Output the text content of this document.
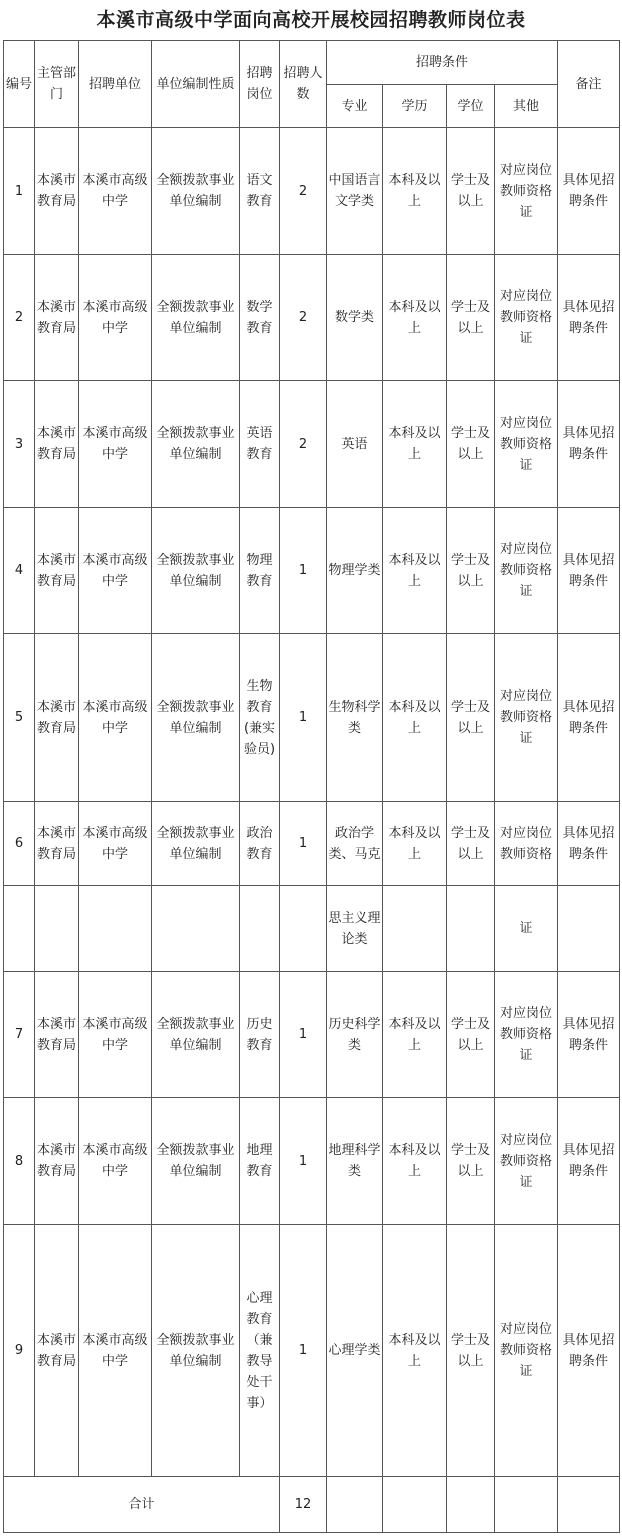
本溪市高级中学面向高校开展校园招聘教师岗位表
编号	主管部门	招聘单位	单位编制性质	招聘岗位	招聘人数	招聘条件				备注
						专业	学历	学位	其他	
1	本溪市教育局	本溪市高级中学	全额拨款事业单位编制	语文教育	2	中国语言文学类	本科及以上	学士及以上	对应岗位教师资格证	具体见招聘条件
2	本溪市教育局	本溪市高级中学	全额拨款事业单位编制	数学教育	2	数学类	本科及以上	学士及以上	对应岗位教师资格证	具体见招聘条件
3	本溪市教育局	本溪市高级中学	全额拨款事业单位编制	英语教育	2	英语	本科及以上	学士及以上	对应岗位教师资格证	具体见招聘条件
4	本溪市教育局	本溪市高级中学	全额拨款事业单位编制	物理教育	1	物理学类	本科及以上	学士及以上	对应岗位教师资格证	具体见招聘条件
5	本溪市教育局	本溪市高级中学	全额拨款事业单位编制	生物教育(兼实验员)	1	生物科学类	本科及以上	学士及以上	对应岗位教师资格证	具体见招聘条件
6	本溪市教育局	本溪市高级中学	全额拨款事业单位编制	政治教育	1	政治学类、马克	本科及以上	学士及以上	对应岗位教师资格	具体见招聘条件
						思主义理论类			证	
7	本溪市教育局	本溪市高级中学	全额拨款事业单位编制	历史教育	1	历史科学类	本科及以上	学士及以上	对应岗位教师资格证	具体见招聘条件
8	本溪市教育局	本溪市高级中学	全额拨款事业单位编制	地理教育	1	地理科学类	本科及以上	学士及以上	对应岗位教师资格证	具体见招聘条件
9	本溪市教育局	本溪市高级中学	全额拨款事业单位编制	心理教育（兼教导处干事）	1	心理学类	本科及以上	学士及以上	对应岗位教师资格证	具体见招聘条件
合计					12					
